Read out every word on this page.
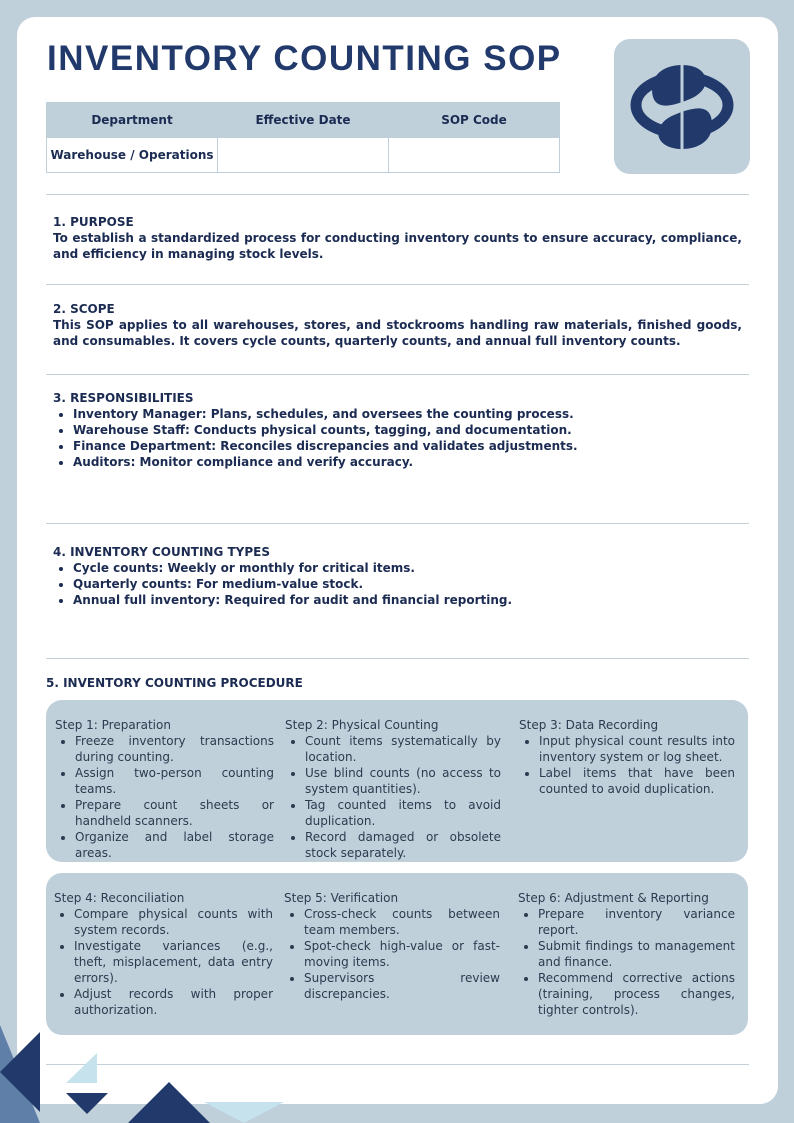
INVENTORY COUNTING SOP
Department	Effective Date	SOP Code
Warehouse / Operations		
1. PURPOSE

To establish a standardized process for conducting inventory counts to ensure accuracy, compliance, and efficiency in managing stock levels.

2. SCOPE

This SOP applies to all warehouses, stores, and stockrooms handling raw materials, finished goods, and consumables. It covers cycle counts, quarterly counts, and annual full inventory counts.

3. RESPONSIBILITIES
• Inventory Manager: Plans, schedules, and oversees the counting process.
• Warehouse Staff: Conducts physical counts, tagging, and documentation.
• Finance Department: Reconciles discrepancies and validates adjustments.
• Auditors: Monitor compliance and verify accuracy.
4. INVENTORY COUNTING TYPES
• Cycle counts: Weekly or monthly for critical items.
• Quarterly counts: For medium-value stock.
• Annual full inventory: Required for audit and financial reporting.
5. INVENTORY COUNTING PROCEDURE

Step 1: Preparation

• Freeze inventory transactions during counting.
• Assign two-person counting teams.
• Prepare count sheets or handheld scanners.
• Organize and label storage areas.

Step 2: Physical Counting

• Count items systematically by location.
• Use blind counts (no access to system quantities).
• Tag counted items to avoid duplication.
• Record damaged or obsolete stock separately.

Step 3: Data Recording

• Input physical count results into inventory system or log sheet.
• Label items that have been counted to avoid duplication.

Step 4: Reconciliation

• Compare physical counts with system records.
• Investigate variances (e.g., theft, misplacement, data entry errors).
• Adjust records with proper authorization.

Step 5: Verification

• Cross-check counts between team members.
• Spot-check high-value or fast-moving items.
• Supervisors review discrepancies.

Step 6: Adjustment & Reporting

• Prepare inventory variance report.
• Submit findings to management and finance.
• Recommend corrective actions (training, process changes, tighter controls).
